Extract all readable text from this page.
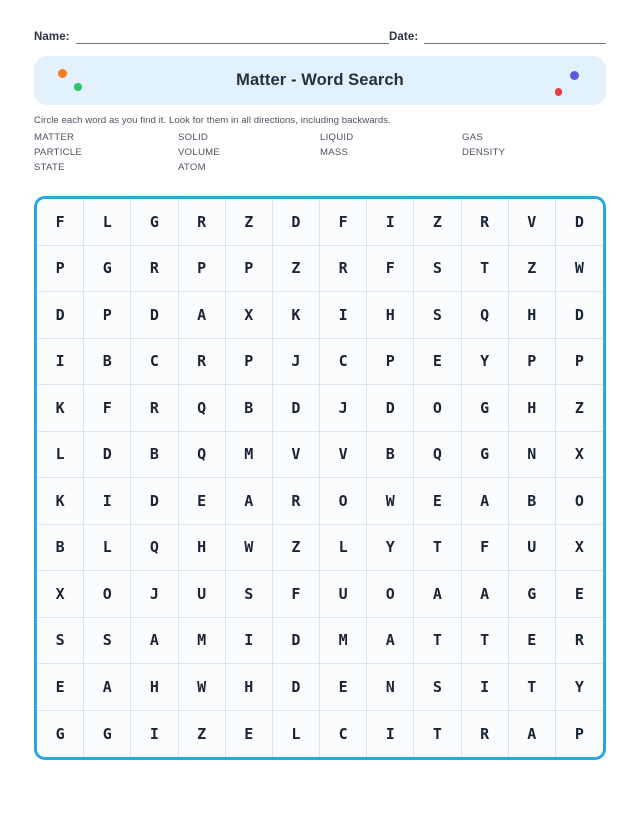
Name:	Date:
Matter - Word Search
Circle each word as you find it. Look for them in all directions, including backwards.
MATTER	SOLID	LIQUID	GAS
PARTICLE	VOLUME	MASS	DENSITY
STATE	ATOM
F	L	G	R	Z	D	F	I	Z	R	V	D
P	G	R	P	P	Z	R	F	S	T	Z	W
D	P	D	A	X	K	I	H	S	Q	H	D
I	B	C	R	P	J	C	P	E	Y	P	P
K	F	R	Q	B	D	J	D	O	G	H	Z
L	D	B	Q	M	V	V	B	Q	G	N	X
K	I	D	E	A	R	O	W	E	A	B	O
B	L	Q	H	W	Z	L	Y	T	F	U	X
X	O	J	U	S	F	U	O	A	A	G	E
S	S	A	M	I	D	M	A	T	T	E	R
E	A	H	W	H	D	E	N	S	I	T	Y
G	G	I	Z	E	L	C	I	T	R	A	P
